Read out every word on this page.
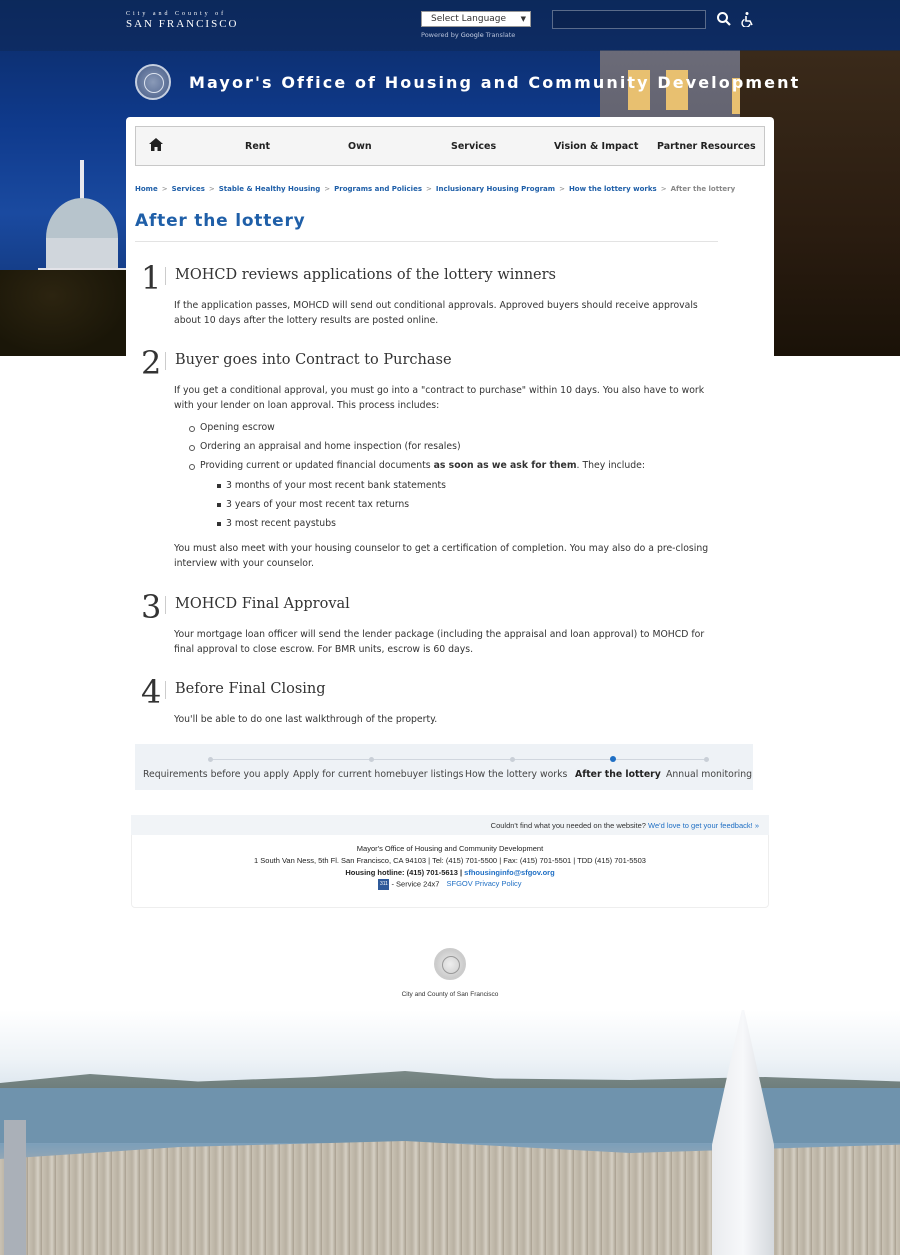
City and County of
SAN FRANCISCO	Select Language ▼
Powered by Google Translate
Mayor's Office of Housing and Community Development
Rent	Own	Services	Vision & Impact Partner Resources
Home > Services > Stable & Healthy Housing > Programs and Policies > Inclusionary Housing Program > How the lottery works > After the lottery
After the lottery
1 MOHCD reviews applications of the lottery winners

If the application passes, MOHCD will send out conditional approvals. Approved buyers should receive approvals about 10 days after the lottery results are posted online.

2 Buyer goes into Contract to Purchase

If you get a conditional approval, you must go into a "contract to purchase" within 10 days. You also have to work with your lender on loan approval. This process includes:

Opening escrow
Ordering an appraisal and home inspection (for resales)
Providing current or updated financial documents as soon as we ask for them. They include:
3 months of your most recent bank statements
3 years of your most recent tax returns
3 most recent paystubs

You must also meet with your housing counselor to get a certification of completion. You may also do a pre-closing interview with your counselor.

3 MOHCD Final Approval

Your mortgage loan officer will send the lender package (including the appraisal and loan approval) to MOHCD for final approval to close escrow. For BMR units, escrow is 60 days.

4 Before Final Closing

You'll be able to do one last walkthrough of the property.

Requirements before you apply Apply for current homebuyer listings How the lottery works After the lottery Annual monitoring
Couldn't find what you needed on the website? We'd love to get your feedback! »
Mayor's Office of Housing and Community Development
1 South Van Ness, 5th Fl. San Francisco, CA 94103 | Tel: (415) 701-5500 | Fax: (415) 701-5501 | TDD (415) 701-5503
Housing hotline: (415) 701-5613 | sfhousinginfo@sfgov.org
311 - Service 24x7 SFGOV Privacy Policy
City and County of San Francisco
